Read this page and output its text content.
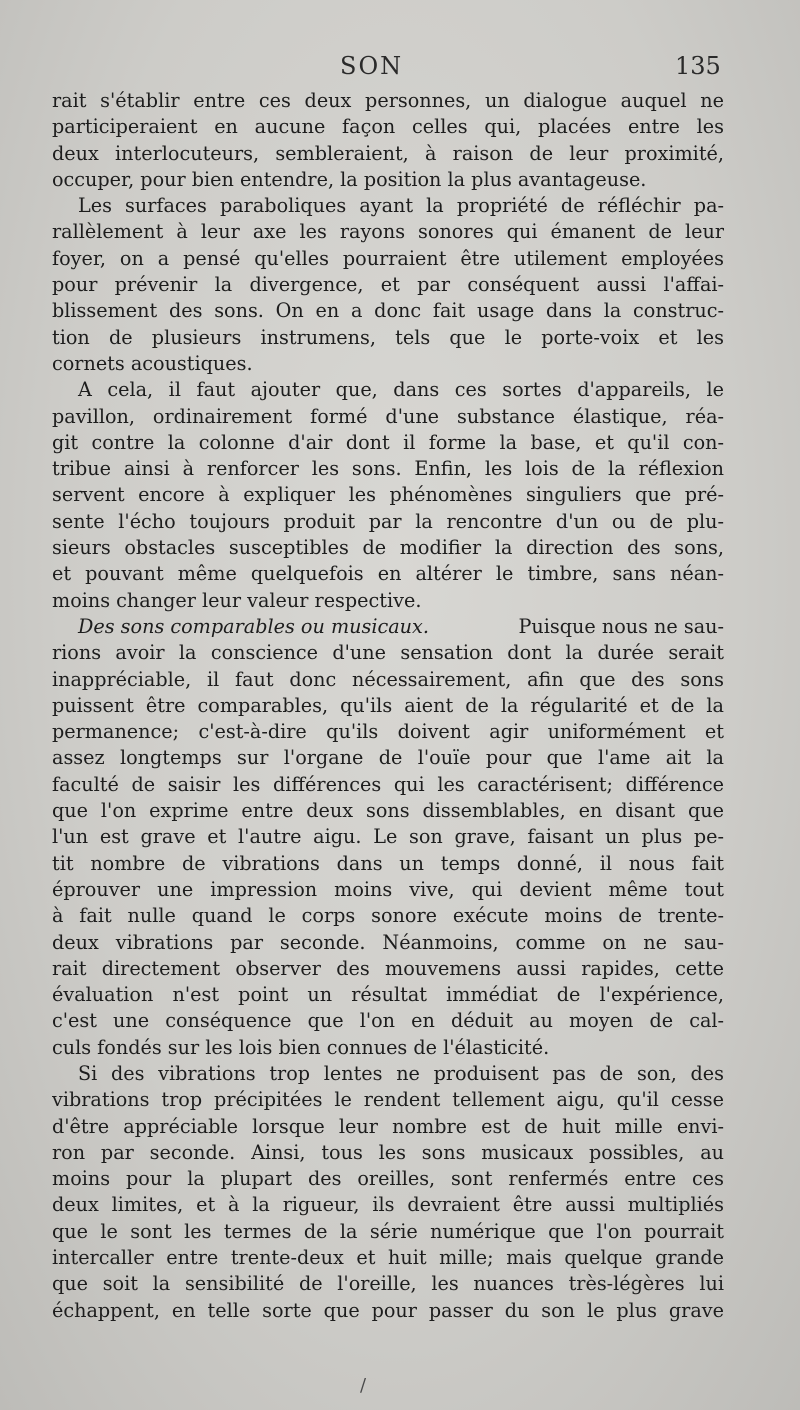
SON	135
rait s'établir entre ces deux personnes, un dialogue auquel ne
participeraient en aucune façon celles qui, placées entre les
deux interlocuteurs, sembleraient, à raison de leur proximité,
occuper, pour bien entendre, la position la plus avantageuse.
Les surfaces paraboliques ayant la propriété de réfléchir pa-
rallèlement à leur axe les rayons sonores qui émanent de leur
foyer, on a pensé qu'elles pourraient être utilement employées
pour prévenir la divergence, et par conséquent aussi l'affai-
blissement des sons. On en a donc fait usage dans la construc-
tion de plusieurs instrumens, tels que le porte-voix et les
cornets acoustiques.
A cela, il faut ajouter que, dans ces sortes d'appareils, le
pavillon, ordinairement formé d'une substance élastique, réa-
git contre la colonne d'air dont il forme la base, et qu'il con-
tribue ainsi à renforcer les sons. Enfin, les lois de la réflexion
servent encore à expliquer les phénomènes singuliers que pré-
sente l'écho toujours produit par la rencontre d'un ou de plu-
sieurs obstacles susceptibles de modifier la direction des sons,
et pouvant même quelquefois en altérer le timbre, sans néan-
moins changer leur valeur respective.
Des sons comparables ou musicaux.	Puisque nous ne sau-
rions avoir la conscience d'une sensation dont la durée serait
inappréciable, il faut donc nécessairement, afin que des sons
puissent être comparables, qu'ils aient de la régularité et de la
permanence; c'est-à-dire qu'ils doivent agir uniformément et
assez longtemps sur l'organe de l'ouïe pour que l'ame ait la
faculté de saisir les différences qui les caractérisent; différence
que l'on exprime entre deux sons dissemblables, en disant que
l'un est grave et l'autre aigu. Le son grave, faisant un plus pe-
tit nombre de vibrations dans un temps donné, il nous fait
éprouver une impression moins vive, qui devient même tout
à fait nulle quand le corps sonore exécute moins de trente-
deux vibrations par seconde. Néanmoins, comme on ne sau-
rait directement observer des mouvemens aussi rapides, cette
évaluation n'est point un résultat immédiat de l'expérience,
c'est une conséquence que l'on en déduit au moyen de cal-
culs fondés sur les lois bien connues de l'élasticité.
Si des vibrations trop lentes ne produisent pas de son, des
vibrations trop précipitées le rendent tellement aigu, qu'il cesse
d'être appréciable lorsque leur nombre est de huit mille envi-
ron par seconde. Ainsi, tous les sons musicaux possibles, au
moins pour la plupart des oreilles, sont renfermés entre ces
deux limites, et à la rigueur, ils devraient être aussi multipliés
que le sont les termes de la série numérique que l'on pourrait
intercaller entre trente-deux et huit mille; mais quelque grande
que soit la sensibilité de l'oreille, les nuances très-légères lui
échappent, en telle sorte que pour passer du son le plus grave
/
